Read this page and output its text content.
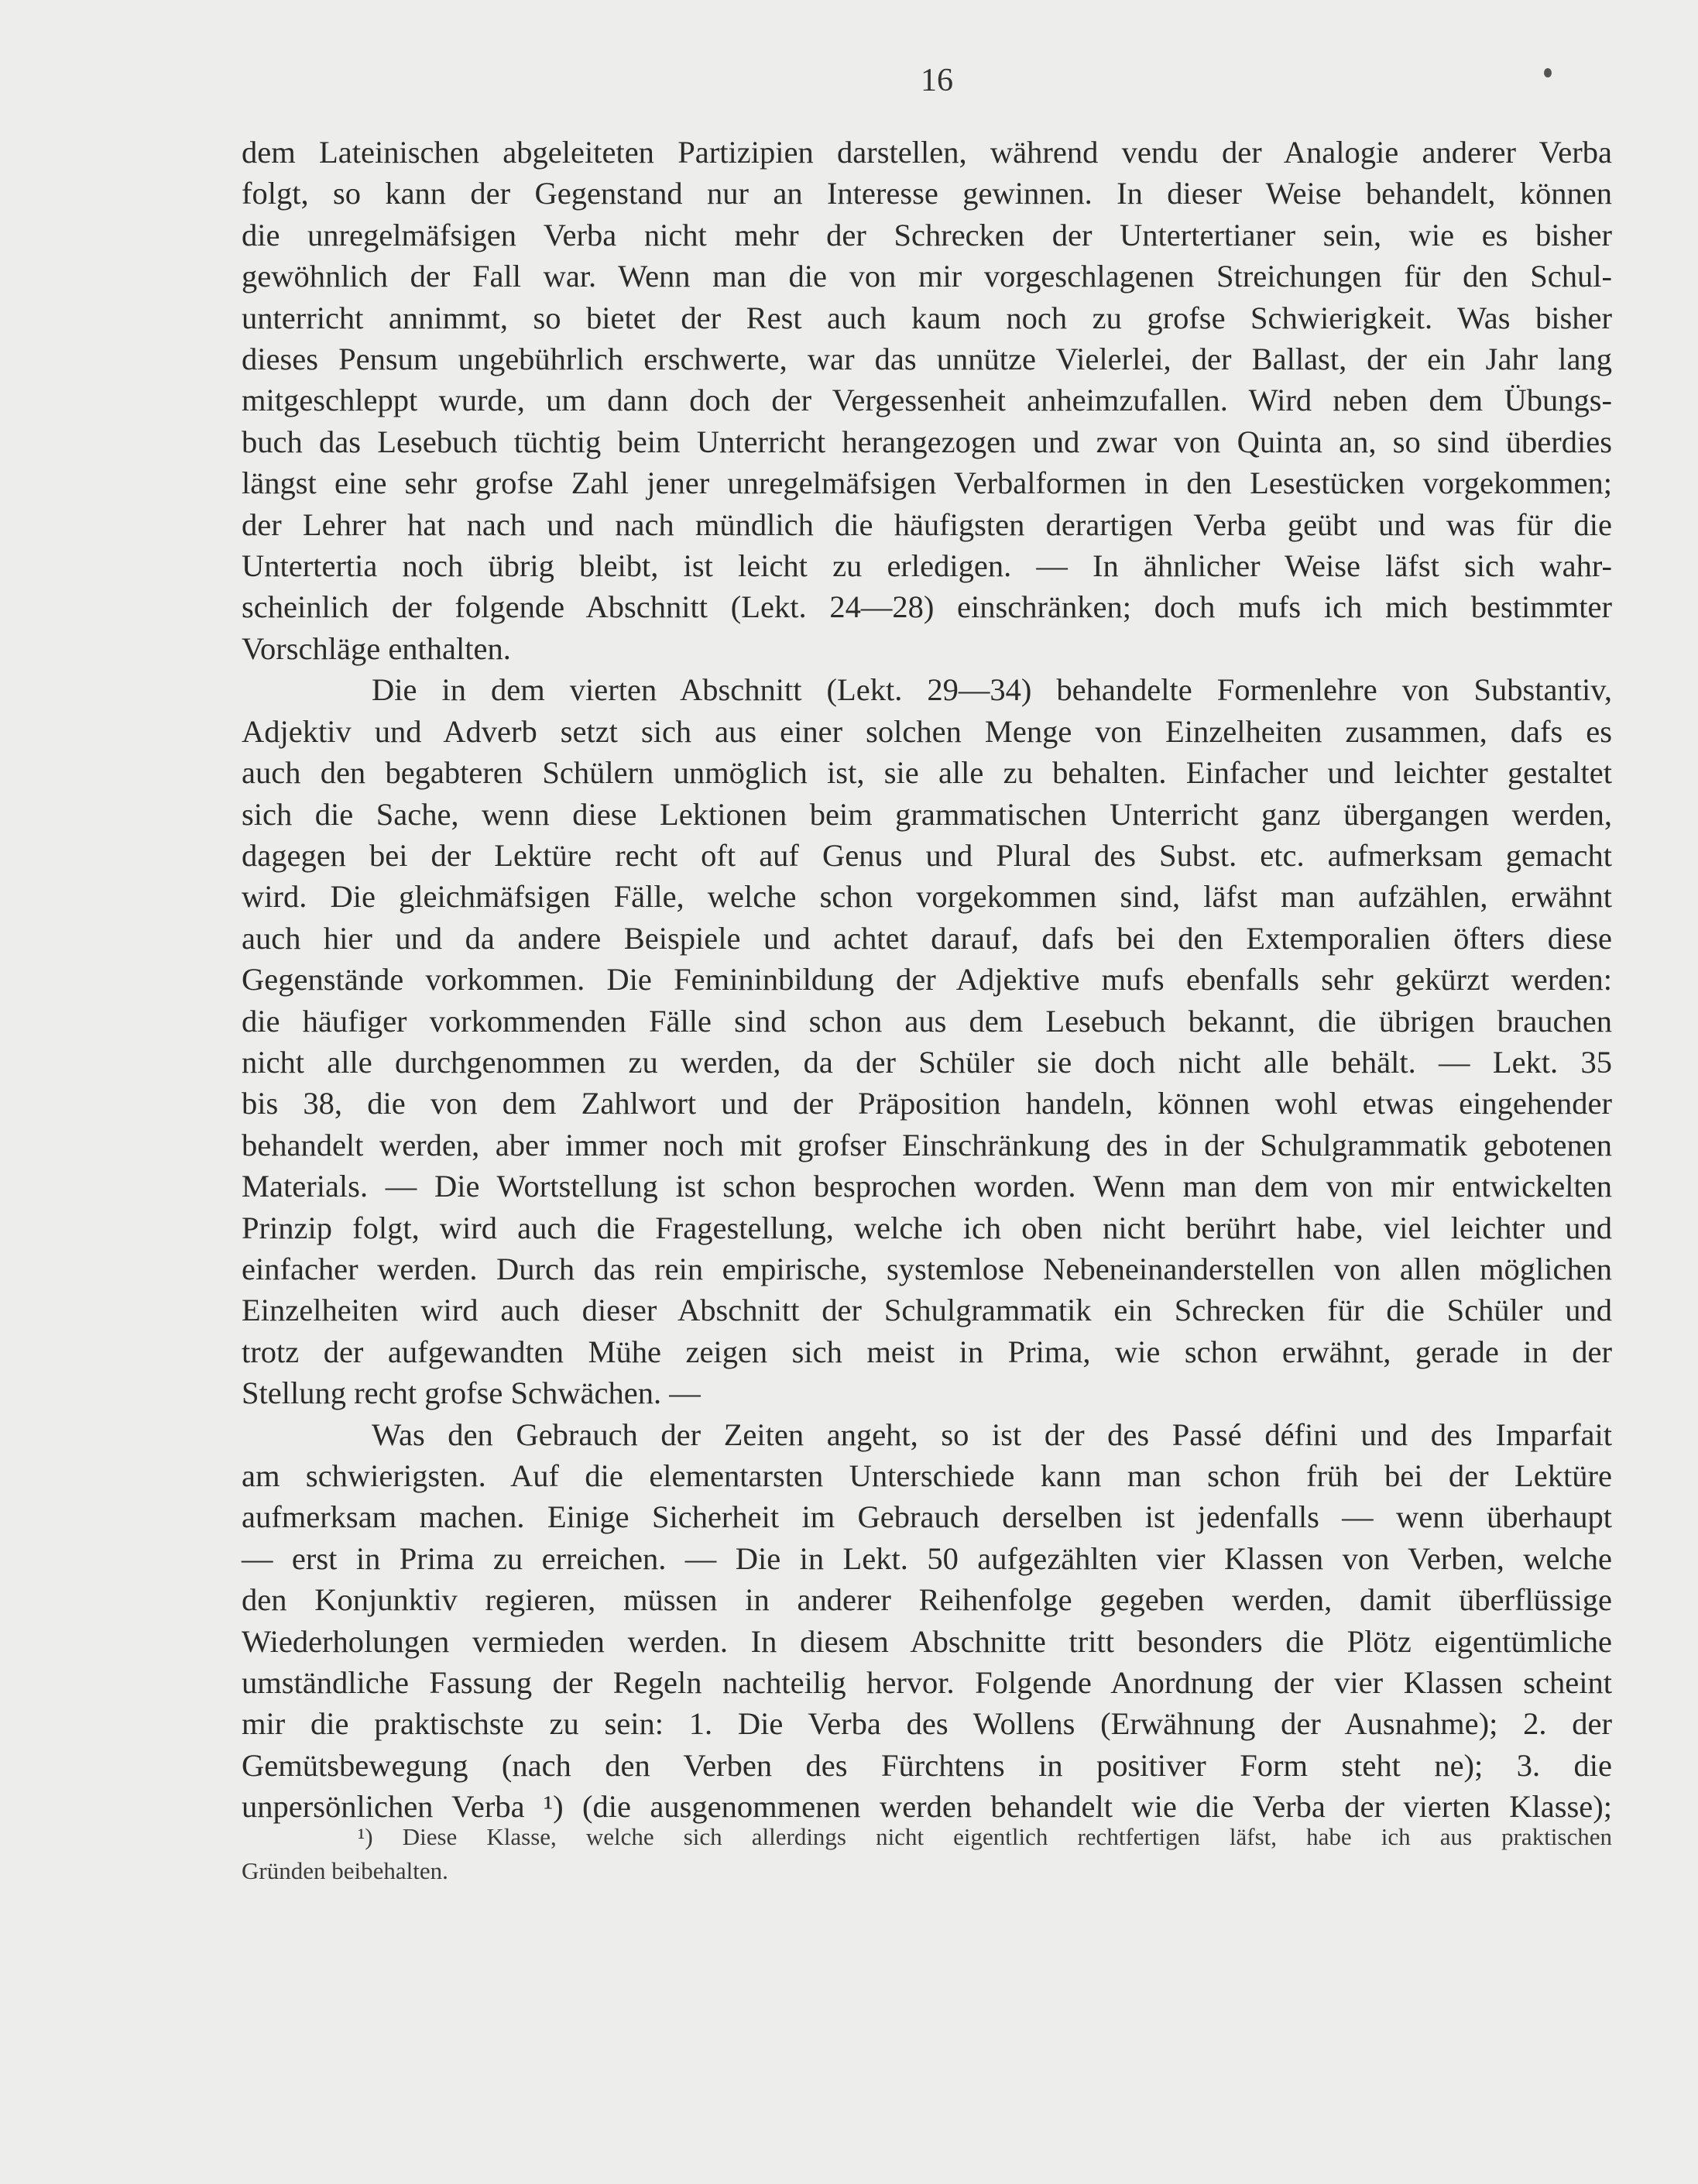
16
dem Lateinischen abgeleiteten Partizipien darstellen, während vendu der Analogie anderer Verba
folgt, so kann der Gegenstand nur an Interesse gewinnen. In dieser Weise behandelt, können
die unregelmäfsigen Verba nicht mehr der Schrecken der Untertertianer sein, wie es bisher
gewöhnlich der Fall war. Wenn man die von mir vorgeschlagenen Streichungen für den Schul-
unterricht annimmt, so bietet der Rest auch kaum noch zu grofse Schwierigkeit. Was bisher
dieses Pensum ungebührlich erschwerte, war das unnütze Vielerlei, der Ballast, der ein Jahr lang
mitgeschleppt wurde, um dann doch der Vergessenheit anheimzufallen. Wird neben dem Übungs-
buch das Lesebuch tüchtig beim Unterricht herangezogen und zwar von Quinta an, so sind überdies
längst eine sehr grofse Zahl jener unregelmäfsigen Verbalformen in den Lesestücken vorgekommen;
der Lehrer hat nach und nach mündlich die häufigsten derartigen Verba geübt und was für die
Untertertia noch übrig bleibt, ist leicht zu erledigen. — In ähnlicher Weise läfst sich wahr-
scheinlich der folgende Abschnitt (Lekt. 24—28) einschränken; doch mufs ich mich bestimmter
Vorschläge enthalten.
Die in dem vierten Abschnitt (Lekt. 29—34) behandelte Formenlehre von Substantiv,
Adjektiv und Adverb setzt sich aus einer solchen Menge von Einzelheiten zusammen, dafs es
auch den begabteren Schülern unmöglich ist, sie alle zu behalten. Einfacher und leichter gestaltet
sich die Sache, wenn diese Lektionen beim grammatischen Unterricht ganz übergangen werden,
dagegen bei der Lektüre recht oft auf Genus und Plural des Subst. etc. aufmerksam gemacht
wird. Die gleichmäfsigen Fälle, welche schon vorgekommen sind, läfst man aufzählen, erwähnt
auch hier und da andere Beispiele und achtet darauf, dafs bei den Extemporalien öfters diese
Gegenstände vorkommen. Die Femininbildung der Adjektive mufs ebenfalls sehr gekürzt werden:
die häufiger vorkommenden Fälle sind schon aus dem Lesebuch bekannt, die übrigen brauchen
nicht alle durchgenommen zu werden, da der Schüler sie doch nicht alle behält. — Lekt. 35
bis 38, die von dem Zahlwort und der Präposition handeln, können wohl etwas eingehender
behandelt werden, aber immer noch mit grofser Einschränkung des in der Schulgrammatik gebotenen
Materials. — Die Wortstellung ist schon besprochen worden. Wenn man dem von mir entwickelten
Prinzip folgt, wird auch die Fragestellung, welche ich oben nicht berührt habe, viel leichter und
einfacher werden. Durch das rein empirische, systemlose Nebeneinanderstellen von allen möglichen
Einzelheiten wird auch dieser Abschnitt der Schulgrammatik ein Schrecken für die Schüler und
trotz der aufgewandten Mühe zeigen sich meist in Prima, wie schon erwähnt, gerade in der
Stellung recht grofse Schwächen. —
Was den Gebrauch der Zeiten angeht, so ist der des Passé défini und des Imparfait
am schwierigsten. Auf die elementarsten Unterschiede kann man schon früh bei der Lektüre
aufmerksam machen. Einige Sicherheit im Gebrauch derselben ist jedenfalls — wenn überhaupt
— erst in Prima zu erreichen. — Die in Lekt. 50 aufgezählten vier Klassen von Verben, welche
den Konjunktiv regieren, müssen in anderer Reihenfolge gegeben werden, damit überflüssige
Wiederholungen vermieden werden. In diesem Abschnitte tritt besonders die Plötz eigentümliche
umständliche Fassung der Regeln nachteilig hervor. Folgende Anordnung der vier Klassen scheint
mir die praktischste zu sein: 1. Die Verba des Wollens (Erwähnung der Ausnahme); 2. der
Gemütsbewegung (nach den Verben des Fürchtens in positiver Form steht ne); 3. die
unpersönlichen Verba ¹) (die ausgenommenen werden behandelt wie die Verba der vierten Klasse);
¹) Diese Klasse, welche sich allerdings nicht eigentlich rechtfertigen läfst, habe ich aus praktischen
Gründen beibehalten.
